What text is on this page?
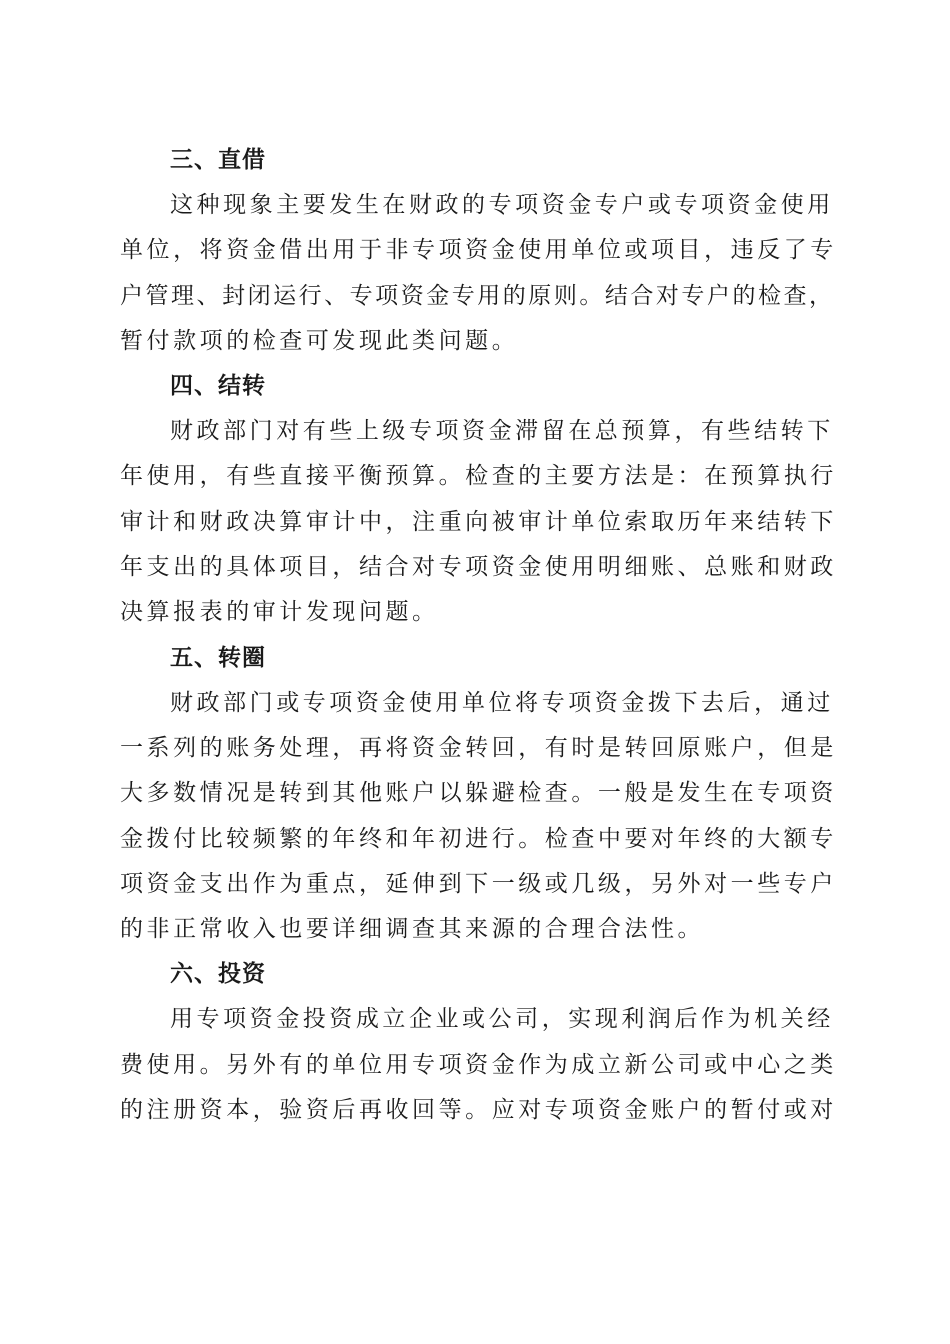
三、直借

这种现象主要发生在财政的专项资金专户或专项资金使用
单位，将资金借出用于非专项资金使用单位或项目，违反了专
户管理、封闭运行、专项资金专用的原则。结合对专户的检查，
暂付款项的检查可发现此类问题。

四、结转

财政部门对有些上级专项资金滞留在总预算，有些结转下
年使用，有些直接平衡预算。检查的主要方法是：在预算执行
审计和财政决算审计中，注重向被审计单位索取历年来结转下
年支出的具体项目，结合对专项资金使用明细账、总账和财政
决算报表的审计发现问题。

五、转圈

财政部门或专项资金使用单位将专项资金拨下去后，通过
一系列的账务处理，再将资金转回，有时是转回原账户，但是
大多数情况是转到其他账户以躲避检查。一般是发生在专项资
金拨付比较频繁的年终和年初进行。检查中要对年终的大额专
项资金支出作为重点，延伸到下一级或几级，另外对一些专户
的非正常收入也要详细调查其来源的合理合法性。

六、投资

用专项资金投资成立企业或公司，实现利润后作为机关经
费使用。另外有的单位用专项资金作为成立新公司或中心之类
的注册资本，验资后再收回等。应对专项资金账户的暂付或对
